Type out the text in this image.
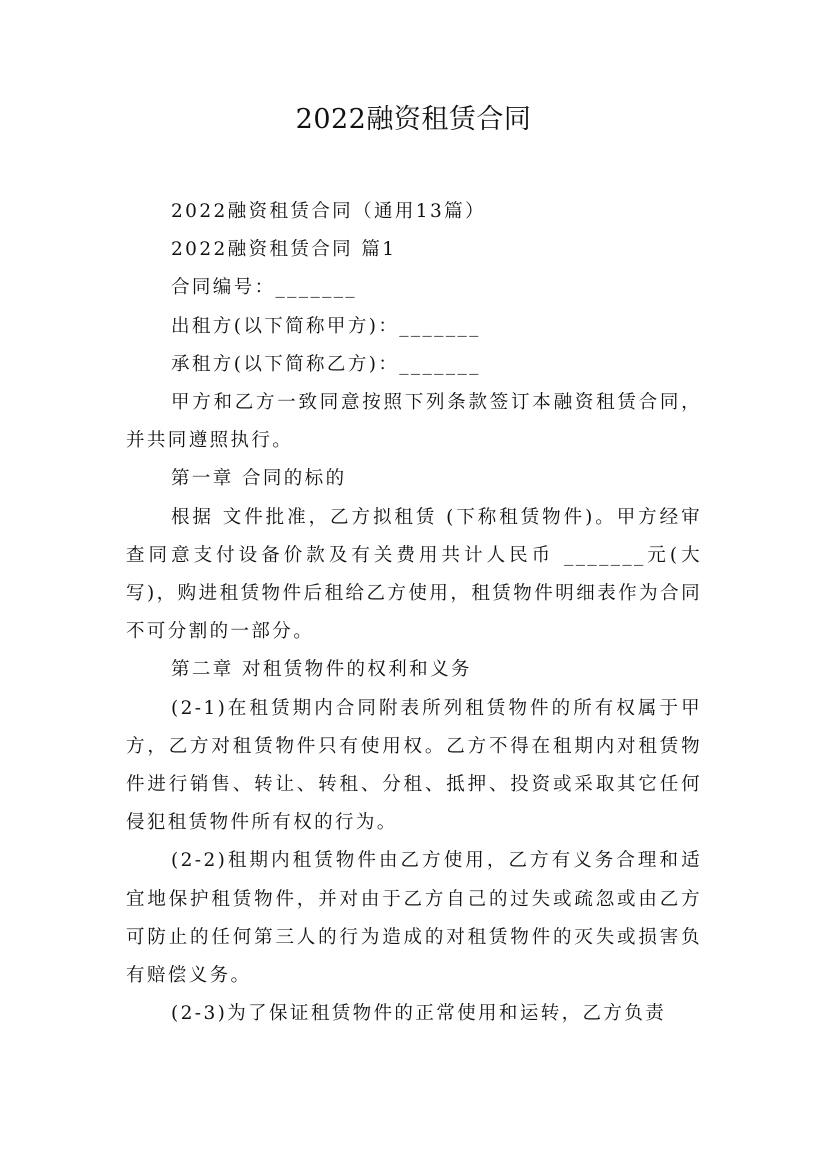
2022融资租赁合同

2022融资租赁合同（通用13篇）

2022融资租赁合同 篇1

合同编号：_______

出租方(以下简称甲方)：_______

承租方(以下简称乙方)：_______

甲方和乙方一致同意按照下列条款签订本融资租赁合同，并共同遵照执行。

第一章 合同的标的

根据 文件批准，乙方拟租赁 (下称租赁物件)。甲方经审查同意支付设备价款及有关费用共计人民币 _______元(大写)，购进租赁物件后租给乙方使用，租赁物件明细表作为合同不可分割的一部分。

第二章 对租赁物件的权利和义务

(2-1)在租赁期内合同附表所列租赁物件的所有权属于甲方，乙方对租赁物件只有使用权。乙方不得在租期内对租赁物件进行销售、转让、转租、分租、抵押、投资或采取其它任何侵犯租赁物件所有权的行为。

(2-2)租期内租赁物件由乙方使用，乙方有义务合理和适宜地保护租赁物件，并对由于乙方自己的过失或疏忽或由乙方可防止的任何第三人的行为造成的对租赁物件的灭失或损害负有赔偿义务。

(2-3)为了保证租赁物件的正常使用和运转，乙方负责
